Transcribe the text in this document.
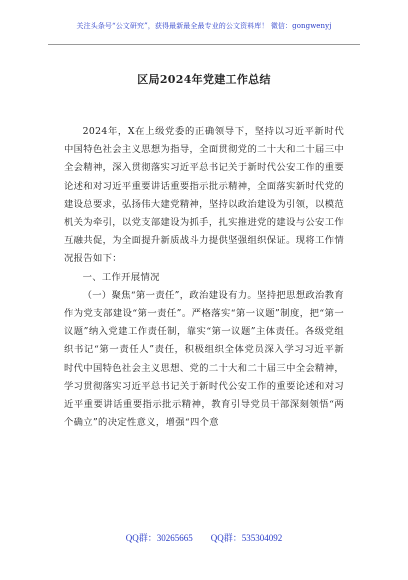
关注头条号“公文研究”，获得最新最全最专业的公文资料库！ 微信：gongwenyj
区局2024年党建工作总结

2024年，X在上级党委的正确领导下，坚持以习近平新时代中国特色社会主义思想为指导，全面贯彻党的二十大和二十届三中全会精神，深入贯彻落实习近平总书记关于新时代公安工作的重要论述和对习近平重要讲话重要指示批示精神，全面落实新时代党的建设总要求，弘扬伟大建党精神，坚持以政治建设为引领，以模范机关为牵引，以党支部建设为抓手，扎实推进党的建设与公安工作互融共促，为全面提升新质战斗力提供坚强组织保证。现将工作情况报告如下：

一、工作开展情况

（一）聚焦“第一责任”，政治建设有力。坚持把思想政治教育作为党支部建设“第一责任”。严格落实“第一议题”制度，把“第一议题”纳入党建工作责任制，靠实“第一议题”主体责任。各级党组织书记“第一责任人”责任，积极组织全体党员深入学习习近平新时代中国特色社会主义思想、党的二十大和二十届三中全会精神，学习贯彻落实习近平总书记关于新时代公安工作的重要论述和对习近平重要讲话重要指示批示精神，教育引导党员干部深刻领悟“两个确立”的决定性意义，增强“四个意

QQ群：30265665   QQ群：535304092
